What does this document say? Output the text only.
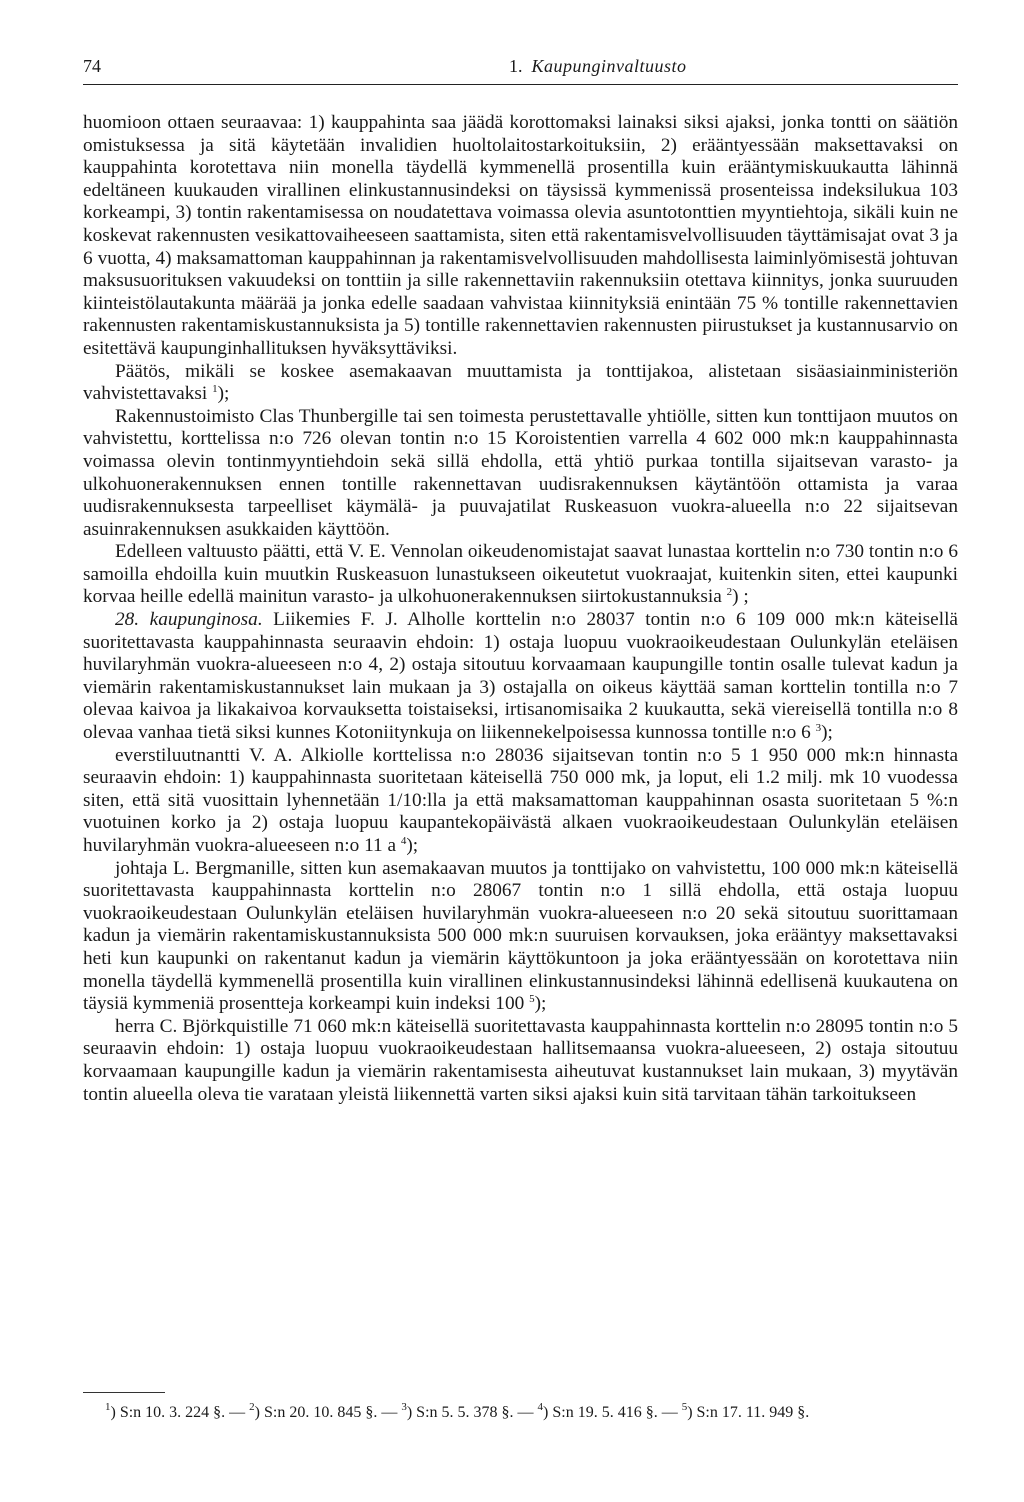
74	1. Kaupunginvaltuusto

huomioon ottaen seuraavaa: 1) kauppahinta saa jäädä korottomaksi lainaksi siksi ajaksi, jonka tontti on säätiön omistuksessa ja sitä käytetään invalidien huoltolaitostarkoituksiin, 2) erääntyessään maksettavaksi on kauppahinta korotettava niin monella täydellä kymmenellä prosentilla kuin erääntymiskuukautta lähinnä edeltäneen kuukauden virallinen elinkustannusindeksi on täysissä kymmenissä prosenteissa indeksilukua 103 korkeampi, 3) tontin rakentamisessa on noudatettava voimassa olevia asuntotonttien myyntiehtoja, sikäli kuin ne koskevat rakennusten vesikattovaiheeseen saattamista, siten että rakentamisvelvollisuuden täyttämisajat ovat 3 ja 6 vuotta, 4) maksamattoman kauppahinnan ja rakentamisvelvollisuuden mahdollisesta laiminlyömisestä johtuvan maksusuorituksen vakuudeksi on tonttiin ja sille rakennettaviin rakennuksiin otettava kiinnitys, jonka suuruuden kiinteistölautakunta määrää ja jonka edelle saadaan vahvistaa kiinnityksiä enintään 75 % tontille rakennettavien rakennusten rakentamiskustannuksista ja 5) tontille rakennettavien rakennusten piirustukset ja kustannusarvio on esitettävä kaupunginhallituksen hyväksyttäviksi.

Päätös, mikäli se koskee asemakaavan muuttamista ja tonttijakoa, alistetaan sisäasiainministeriön vahvistettavaksi $^1$);

Rakennustoimisto Clas Thunbergille tai sen toimesta perustettavalle yhtiölle, sitten kun tonttijaon muutos on vahvistettu, korttelissa n:o 726 olevan tontin n:o 15 Koroistentien varrella 4 602 000 mk:n kauppahinnasta voimassa olevin tontinmyyntiehdoin sekä sillä ehdolla, että yhtiö purkaa tontilla sijaitsevan varasto- ja ulkohuonerakennuksen ennen tontille rakennettavan uudisrakennuksen käytäntöön ottamista ja varaa uudisrakennuksesta tarpeelliset käymälä- ja puuvajatilat Ruskeasuon vuokra-alueella n:o 22 sijaitsevan asuinrakennuksen asukkaiden käyttöön.

Edelleen valtuusto päätti, että V. E. Vennolan oikeudenomistajat saavat lunastaa korttelin n:o 730 tontin n:o 6 samoilla ehdoilla kuin muutkin Ruskeasuon lunastukseen oikeutetut vuokraajat, kuitenkin siten, ettei kaupunki korvaa heille edellä mainitun varasto- ja ulkohuonerakennuksen siirtokustannuksia $^2$) ;

28. kaupunginosa. Liikemies F. J. Alholle korttelin n:o 28037 tontin n:o 6 109 000 mk:n käteisellä suoritettavasta kauppahinnasta seuraavin ehdoin: 1) ostaja luopuu vuokraoikeudestaan Oulunkylän eteläisen huvilaryhmän vuokra-alueeseen n:o 4, 2) ostaja sitoutuu korvaamaan kaupungille tontin osalle tulevat kadun ja viemärin rakentamiskustannukset lain mukaan ja 3) ostajalla on oikeus käyttää saman korttelin tontilla n:o 7 olevaa kaivoa ja likakaivoa korvauksetta toistaiseksi, irtisanomisaika 2 kuukautta, sekä viereisellä tontilla n:o 8 olevaa vanhaa tietä siksi kunnes Kotoniitynkuja on liikennekelpoisessa kunnossa tontille n:o 6 $^3$);

everstiluutnantti V. A. Alkiolle korttelissa n:o 28036 sijaitsevan tontin n:o 5 1 950 000 mk:n hinnasta seuraavin ehdoin: 1) kauppahinnasta suoritetaan käteisellä 750 000 mk, ja loput, eli 1.2 milj. mk 10 vuodessa siten, että sitä vuosittain lyhennetään 1/10:lla ja että maksamattoman kauppahinnan osasta suoritetaan 5 %:n vuotuinen korko ja 2) ostaja luopuu kaupantekopäivästä alkaen vuokraoikeudestaan Oulunkylän eteläisen huvilaryhmän vuokra-alueeseen n:o 11 a $^4$);

johtaja L. Bergmanille, sitten kun asemakaavan muutos ja tonttijako on vahvistettu, 100 000 mk:n käteisellä suoritettavasta kauppahinnasta korttelin n:o 28067 tontin n:o 1 sillä ehdolla, että ostaja luopuu vuokraoikeudestaan Oulunkylän eteläisen huvilaryhmän vuokra-alueeseen n:o 20 sekä sitoutuu suorittamaan kadun ja viemärin rakentamiskustannuksista 500 000 mk:n suuruisen korvauksen, joka erääntyy maksettavaksi heti kun kaupunki on rakentanut kadun ja viemärin käyttökuntoon ja joka erääntyessään on korotettava niin monella täydellä kymmenellä prosentilla kuin virallinen elinkustannusindeksi lähinnä edellisenä kuukautena on täysiä kymmeniä prosentteja korkeampi kuin indeksi 100 $^5$);

herra C. Björkquistille 71 060 mk:n käteisellä suoritettavasta kauppahinnasta korttelin n:o 28095 tontin n:o 5 seuraavin ehdoin: 1) ostaja luopuu vuokraoikeudestaan hallitsemaansa vuokra-alueeseen, 2) ostaja sitoutuu korvaamaan kaupungille kadun ja viemärin rakentamisesta aiheutuvat kustannukset lain mukaan, 3) myytävän tontin alueella oleva tie varataan yleistä liikennettä varten siksi ajaksi kuin sitä tarvitaan tähän tarkoitukseen

$^1$) S:n 10. 3. 224 §. — $^2$) S:n 20. 10. 845 §. — $^3$) S:n 5. 5. 378 §. — $^4$) S:n 19. 5. 416 §. — $^5$) S:n 17. 11. 949 §.
